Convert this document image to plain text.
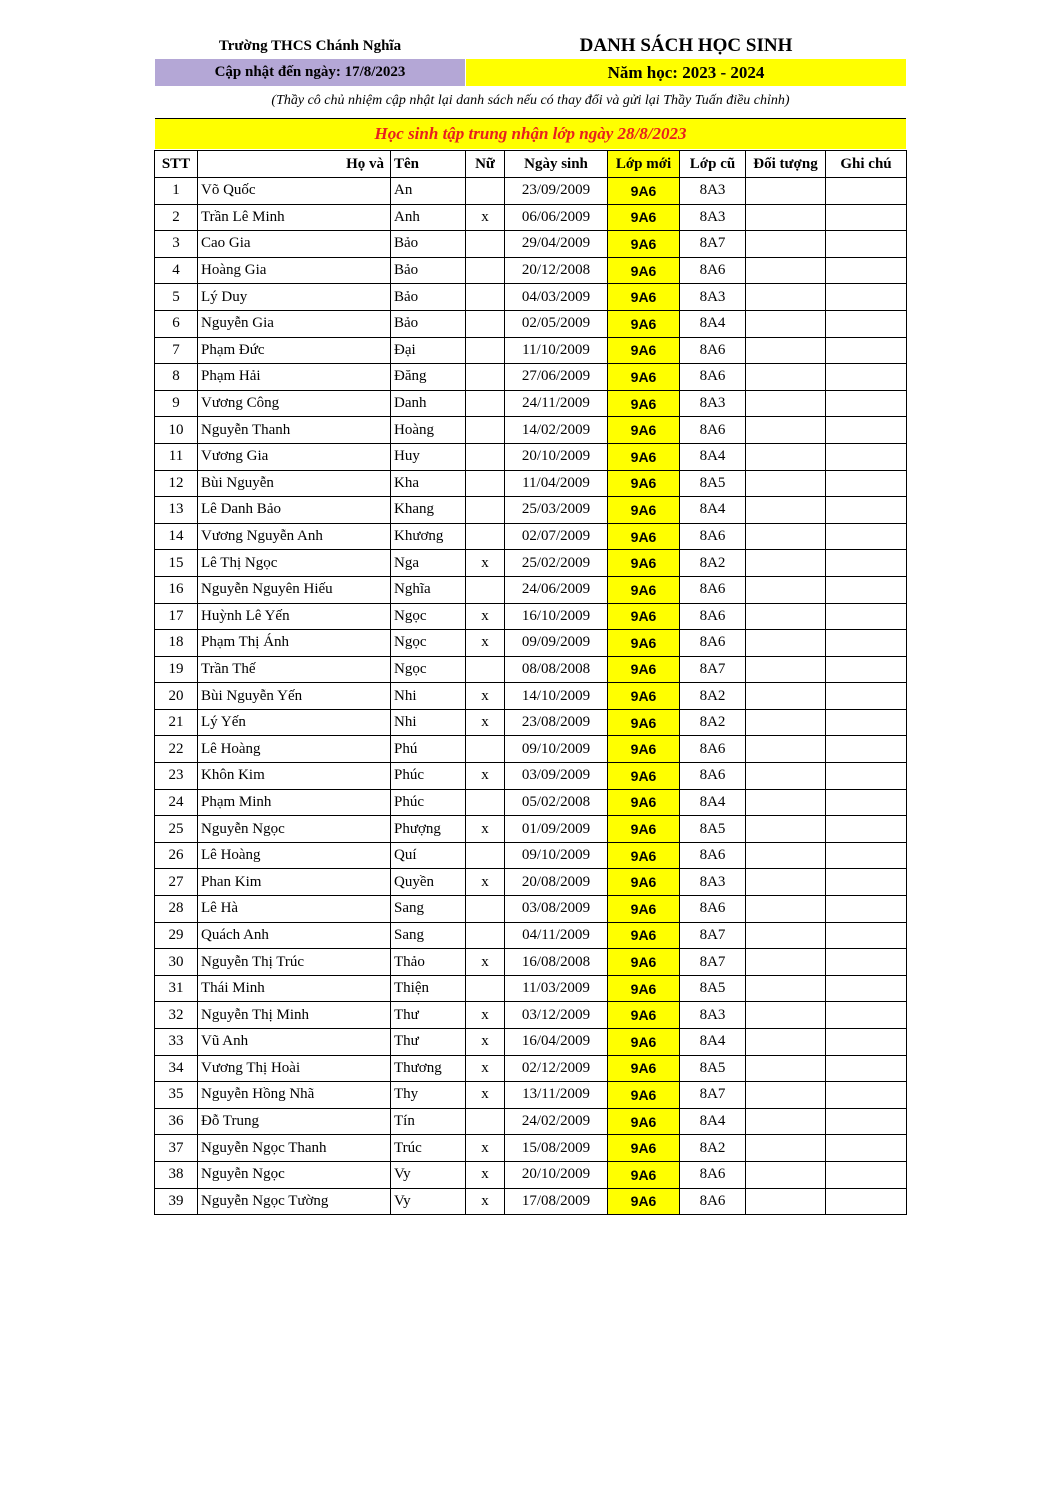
Trường THCS Chánh Nghĩa	DANH SÁCH HỌC SINH
Cập nhật đến ngày: 17/8/2023	Năm học: 2023 - 2024
(Thầy cô chủ nhiệm cập nhật lại danh sách nếu có thay đổi và gửi lại Thầy Tuấn điều chỉnh)
Học sinh tập trung nhận lớp ngày 28/8/2023
STT	Họ và	Tên	Nữ	Ngày sinh	Lớp mới	Lớp cũ	Đối tượng	Ghi chú
1	Võ Quốc	An		23/09/2009	9A6	8A3		
2	Trần Lê Minh	Anh	x	06/06/2009	9A6	8A3		
3	Cao Gia	Bảo		29/04/2009	9A6	8A7		
4	Hoàng Gia	Bảo		20/12/2008	9A6	8A6		
5	Lý Duy	Bảo		04/03/2009	9A6	8A3		
6	Nguyễn Gia	Bảo		02/05/2009	9A6	8A4		
7	Phạm Đức	Đại		11/10/2009	9A6	8A6		
8	Phạm Hải	Đăng		27/06/2009	9A6	8A6		
9	Vương Công	Danh		24/11/2009	9A6	8A3		
10	Nguyễn Thanh	Hoàng		14/02/2009	9A6	8A6		
11	Vương Gia	Huy		20/10/2009	9A6	8A4		
12	Bùi Nguyễn	Kha		11/04/2009	9A6	8A5		
13	Lê Danh Bảo	Khang		25/03/2009	9A6	8A4		
14	Vương Nguyễn Anh	Khương		02/07/2009	9A6	8A6		
15	Lê Thị Ngọc	Nga	x	25/02/2009	9A6	8A2		
16	Nguyễn Nguyên Hiếu	Nghĩa		24/06/2009	9A6	8A6		
17	Huỳnh Lê Yến	Ngọc	x	16/10/2009	9A6	8A6		
18	Phạm Thị Ánh	Ngọc	x	09/09/2009	9A6	8A6		
19	Trần Thế	Ngọc		08/08/2008	9A6	8A7		
20	Bùi Nguyễn Yến	Nhi	x	14/10/2009	9A6	8A2		
21	Lý Yến	Nhi	x	23/08/2009	9A6	8A2		
22	Lê Hoàng	Phú		09/10/2009	9A6	8A6		
23	Khôn Kim	Phúc	x	03/09/2009	9A6	8A6		
24	Phạm Minh	Phúc		05/02/2008	9A6	8A4		
25	Nguyễn Ngọc	Phượng	x	01/09/2009	9A6	8A5		
26	Lê Hoàng	Quí		09/10/2009	9A6	8A6		
27	Phan Kim	Quyền	x	20/08/2009	9A6	8A3		
28	Lê Hà	Sang		03/08/2009	9A6	8A6		
29	Quách Anh	Sang		04/11/2009	9A6	8A7		
30	Nguyễn Thị Trúc	Thảo	x	16/08/2008	9A6	8A7		
31	Thái Minh	Thiện		11/03/2009	9A6	8A5		
32	Nguyễn Thị Minh	Thư	x	03/12/2009	9A6	8A3		
33	Vũ Anh	Thư	x	16/04/2009	9A6	8A4		
34	Vương Thị Hoài	Thương	x	02/12/2009	9A6	8A5		
35	Nguyễn Hồng Nhã	Thy	x	13/11/2009	9A6	8A7		
36	Đỗ Trung	Tín		24/02/2009	9A6	8A4		
37	Nguyễn Ngọc Thanh	Trúc	x	15/08/2009	9A6	8A2		
38	Nguyễn Ngọc	Vy	x	20/10/2009	9A6	8A6		
39	Nguyễn Ngọc Tường	Vy	x	17/08/2009	9A6	8A6		
